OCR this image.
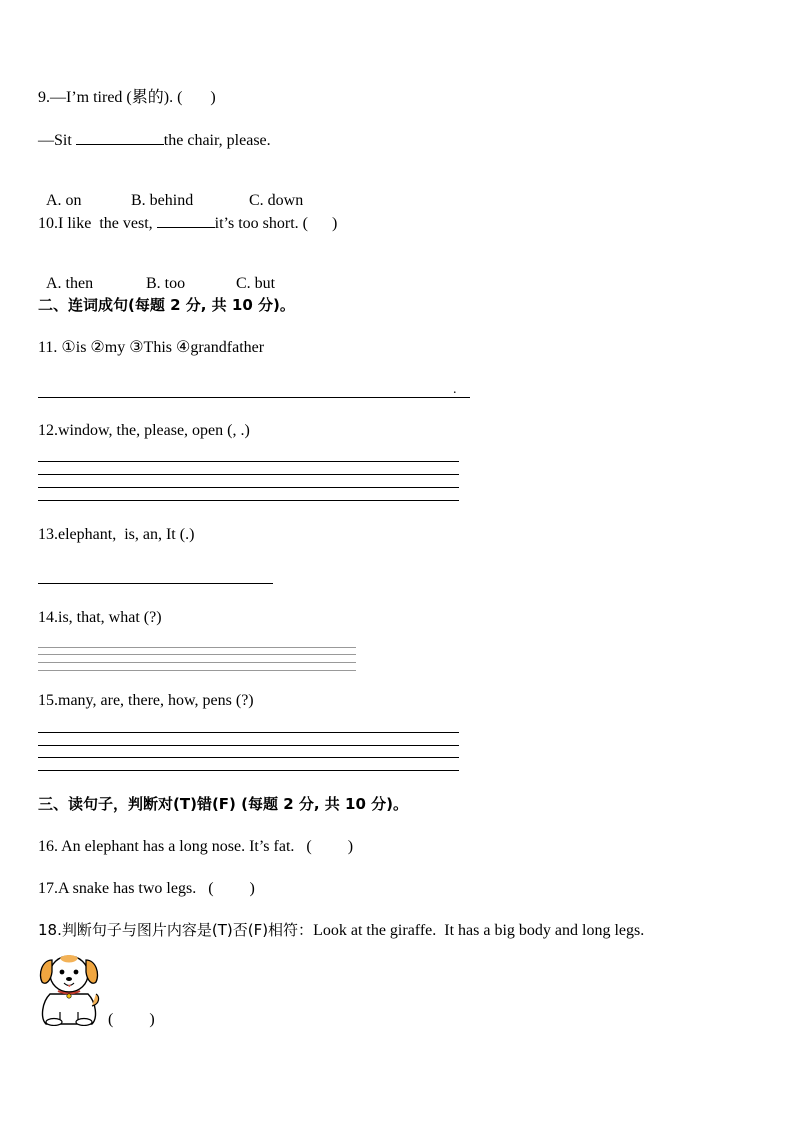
9.—I’m tired (累的). (       )
—Sit	the chair, please.

A. on	B. behind	C. down

10.I like  the vest,	it’s too short. (      )

A. then	B. too	C. but

二、连词成句(每题 2 分, 共 10 分)。
11. ①is ②my ③This ④grandfather
.
12.window, the, please, open (, .)
13.elephant,  is, an, It (.)
14.is, that, what (?)
15.many, are, there, how, pens (?)
三、读句子，判断对(T)错(F) (每题 2 分, 共 10 分)。
16. An elephant has a long nose. It’s fat.   (         )
17.A snake has two legs.   (         )
18.判断句子与图片内容是(T)否(F)相符：Look at the giraffe.  It has a big body and long legs.
(         )
